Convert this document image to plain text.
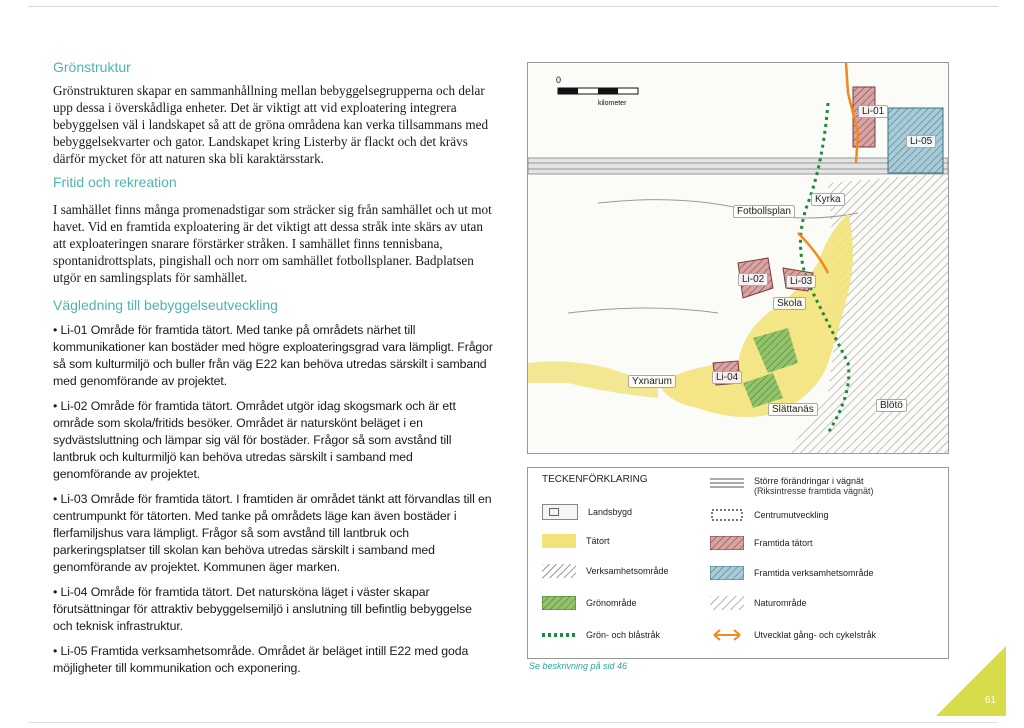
Grönstruktur

Grönstrukturen skapar en sammanhållning mellan bebyggelsegrupperna och delar upp dessa i överskådliga enheter. Det är viktigt att vid exploatering integrera bebyggelsen väl i landskapet så att de gröna områdena kan verka tillsammans med bebyggelsekvarter och gator. Landskapet kring Listerby är flackt och det krävs därför mycket för att naturen ska bli karaktärsstark.

Fritid och rekreation

I samhället finns många promenadstigar som sträcker sig från samhället och ut mot havet. Vid en framtida exploatering är det viktigt att dessa stråk inte skärs av utan att exploateringen snarare förstärker stråken. I samhället finns tennisbana, spontanidrottsplats, pingishall och norr om samhället fotbollsplaner. Badplatsen utgör en samlingsplats för samhället.

Vägledning till bebyggelseutveckling
• Li-01 Område för framtida tätort. Med tanke på områdets närhet till kommunikationer kan bostäder med högre exploateringsgrad vara lämpligt. Frågor så som kulturmiljö och buller från väg E22 kan behöva utredas särskilt i samband med genomförande av projektet.
• Li-02 Område för framtida tätort. Området utgör idag skogsmark och är ett område som skola/fritids besöker. Området är naturskönt beläget i en sydvästsluttning och lämpar sig väl för bostäder. Frågor så som avstånd till lantbruk och kulturmiljö kan behöva utredas särskilt i samband med genomförande av projektet.
• Li-03 Område för framtida tätort. I framtiden är området tänkt att förvandlas till en centrumpunkt för tätorten. Med tanke på områdets läge kan även bostäder i flerfamiljshus vara lämpligt. Frågor så som avstånd till lantbruk och parkeringsplatser till skolan kan behöva utredas särskilt i samband med genomförande av projektet. Kommunen äger marken.
• Li-04 Område för framtida tätort. Det natursköna läget i väster skapar förutsättningar för attraktiv bebyggelsemiljö i anslutning till befintlig bebyggelse och teknisk infrastruktur.
• Li-05 Framtida verksamhetsområde. Området är beläget intill E22 med goda möjligheter till kommunikation och exponering.
0
kilometer
Li-01
Li-05
Fotbollsplan
Kyrka
Li-02	Li-03
Skola
Yxnarum	Li-04
Slättanäs	Blötö
TECKENFÖRKLARING
Landsbygd
Tätort
Verksamhetsområde
Grönområde
Grön- och blåstråk
Större förändringar i vägnät
(Riksintresse framtida vägnät)
Centrumutveckling
Framtida tätort
Framtida verksamhetsområde
Naturområde
Utvecklat gång- och cykelstråk
Se beskrivning på sid 46
61
